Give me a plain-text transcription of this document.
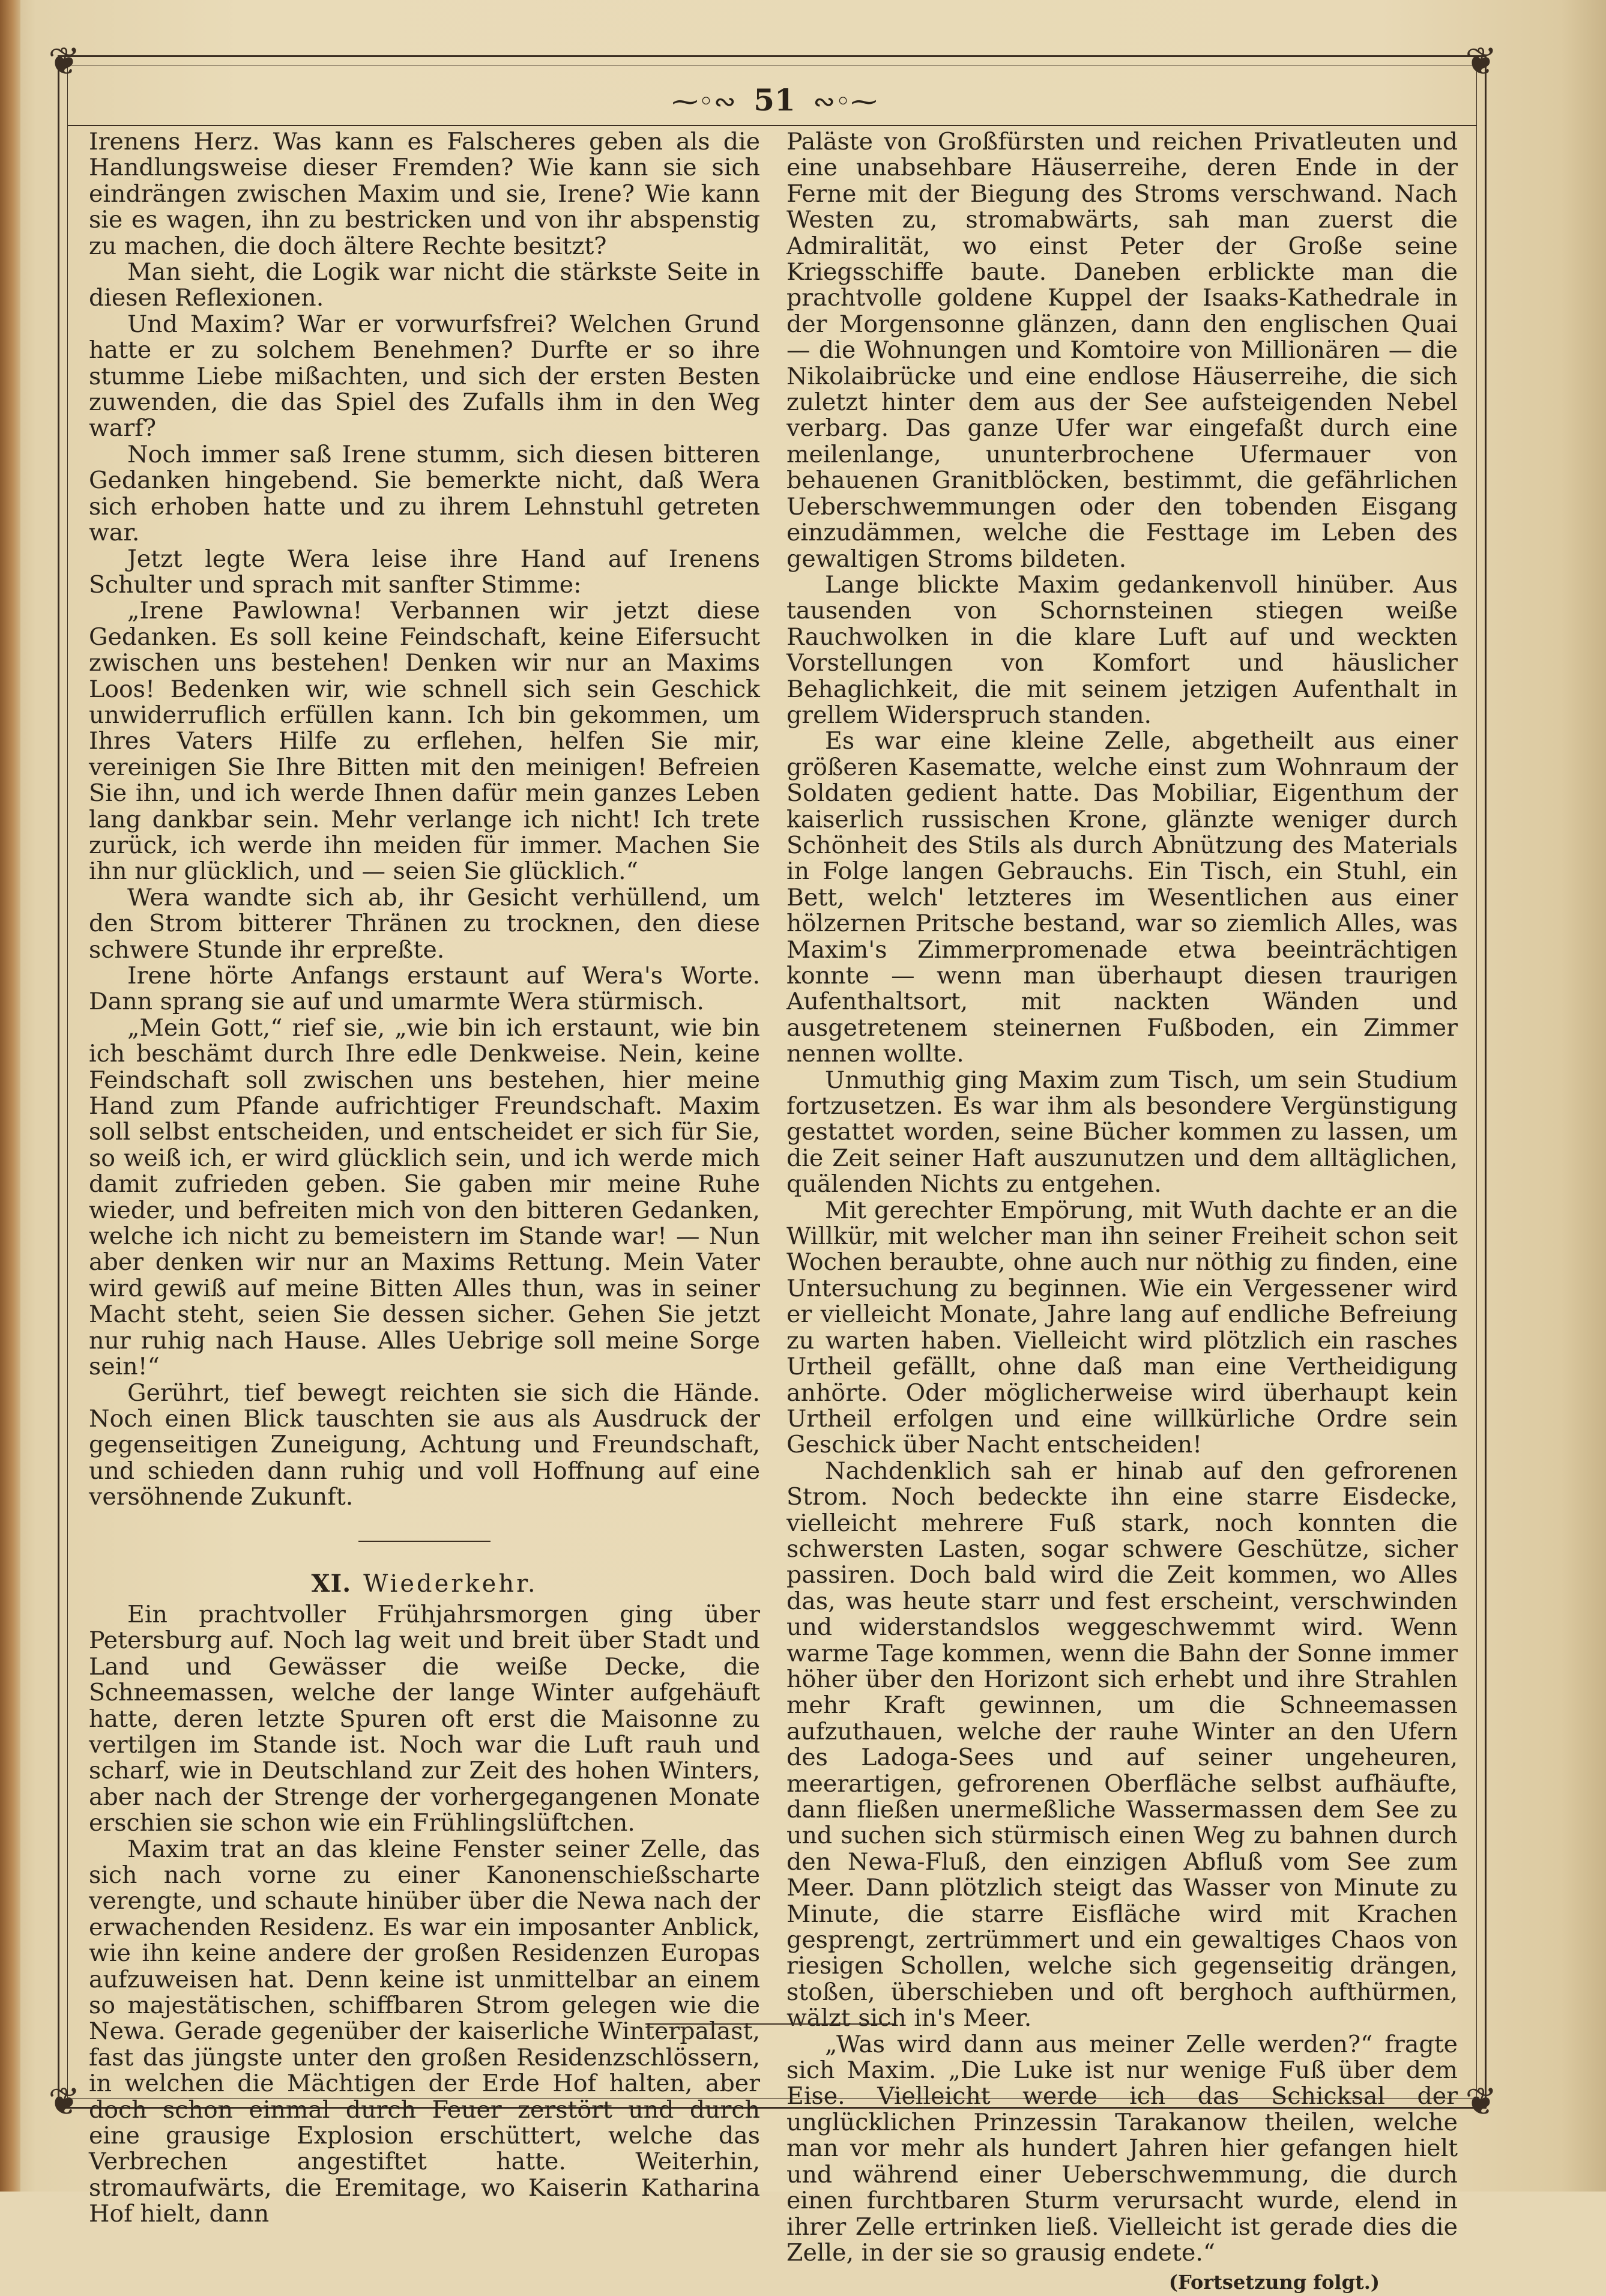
❦	❦
❦	❦
⁓◦∾ 51 ∾◦⁓

Irenens Herz. Was kann es Falscheres geben als die Handlungsweise dieser Fremden? Wie kann sie sich eindrängen zwischen Maxim und sie, Irene? Wie kann sie es wagen, ihn zu bestricken und von ihr abspenstig zu machen, die doch ältere Rechte besitzt?

Man sieht, die Logik war nicht die stärkste Seite in diesen Reflexionen.

Und Maxim? War er vorwurfsfrei? Welchen Grund hatte er zu solchem Benehmen? Durfte er so ihre stumme Liebe mißachten, und sich der ersten Besten zuwenden, die das Spiel des Zufalls ihm in den Weg warf?

Noch immer saß Irene stumm, sich diesen bitteren Gedanken hingebend. Sie bemerkte nicht, daß Wera sich erhoben hatte und zu ihrem Lehnstuhl getreten war.

Jetzt legte Wera leise ihre Hand auf Irenens Schulter und sprach mit sanfter Stimme:

„Irene Pawlowna! Verbannen wir jetzt diese Gedanken. Es soll keine Feindschaft, keine Eifersucht zwischen uns bestehen! Denken wir nur an Maxims Loos! Bedenken wir, wie schnell sich sein Geschick unwiderruflich erfüllen kann. Ich bin gekommen, um Ihres Vaters Hilfe zu erflehen, helfen Sie mir, vereinigen Sie Ihre Bitten mit den meinigen! Befreien Sie ihn, und ich werde Ihnen dafür mein ganzes Leben lang dankbar sein. Mehr verlange ich nicht! Ich trete zurück, ich werde ihn meiden für immer. Machen Sie ihn nur glücklich, und — seien Sie glücklich.“

Wera wandte sich ab, ihr Gesicht verhüllend, um den Strom bitterer Thränen zu trocknen, den diese schwere Stunde ihr erpreßte.

Irene hörte Anfangs erstaunt auf Wera's Worte. Dann sprang sie auf und umarmte Wera stürmisch.

„Mein Gott,“ rief sie, „wie bin ich erstaunt, wie bin ich beschämt durch Ihre edle Denkweise. Nein, keine Feindschaft soll zwischen uns bestehen, hier meine Hand zum Pfande aufrichtiger Freundschaft. Maxim soll selbst entscheiden, und entscheidet er sich für Sie, so weiß ich, er wird glücklich sein, und ich werde mich damit zufrieden geben. Sie gaben mir meine Ruhe wieder, und befreiten mich von den bitteren Gedanken, welche ich nicht zu bemeistern im Stande war! — Nun aber denken wir nur an Maxims Rettung. Mein Vater wird gewiß auf meine Bitten Alles thun, was in seiner Macht steht, seien Sie dessen sicher. Gehen Sie jetzt nur ruhig nach Hause. Alles Uebrige soll meine Sorge sein!“

Gerührt, tief bewegt reichten sie sich die Hände. Noch einen Blick tauschten sie aus als Ausdruck der gegenseitigen Zuneigung, Achtung und Freundschaft, und schieden dann ruhig und voll Hoffnung auf eine versöhnende Zukunft.

XI. Wiederkehr.

Ein prachtvoller Frühjahrsmorgen ging über Petersburg auf. Noch lag weit und breit über Stadt und Land und Gewässer die weiße Decke, die Schneemassen, welche der lange Winter aufgehäuft hatte, deren letzte Spuren oft erst die Maisonne zu vertilgen im Stande ist. Noch war die Luft rauh und scharf, wie in Deutschland zur Zeit des hohen Winters, aber nach der Strenge der vorhergegangenen Monate erschien sie schon wie ein Frühlingslüftchen.

Maxim trat an das kleine Fenster seiner Zelle, das sich nach vorne zu einer Kanonenschießscharte verengte, und schaute hinüber über die Newa nach der erwachenden Residenz. Es war ein imposanter Anblick, wie ihn keine andere der großen Residenzen Europas aufzuweisen hat. Denn keine ist unmittelbar an einem so majestätischen, schiffbaren Strom gelegen wie die Newa. Gerade gegenüber der kaiserliche Winterpalast, fast das jüngste unter den großen Residenzschlössern, in welchen die Mächtigen der Erde Hof halten, aber doch schon einmal durch Feuer zerstört und durch eine grausige Explosion erschüttert, welche das Verbrechen angestiftet hatte. Weiterhin, stromaufwärts, die Eremitage, wo Kaiserin Katharina Hof hielt, dann

Paläste von Großfürsten und reichen Privatleuten und eine unabsehbare Häuserreihe, deren Ende in der Ferne mit der Biegung des Stroms verschwand. Nach Westen zu, stromabwärts, sah man zuerst die Admiralität, wo einst Peter der Große seine Kriegsschiffe baute. Daneben erblickte man die prachtvolle goldene Kuppel der Isaaks-Kathedrale in der Morgensonne glänzen, dann den englischen Quai — die Wohnungen und Komtoire von Millionären — die Nikolaibrücke und eine endlose Häuserreihe, die sich zuletzt hinter dem aus der See aufsteigenden Nebel verbarg. Das ganze Ufer war eingefaßt durch eine meilenlange, ununterbrochene Ufermauer von behauenen Granitblöcken, bestimmt, die gefährlichen Ueberschwemmungen oder den tobenden Eisgang einzudämmen, welche die Festtage im Leben des gewaltigen Stroms bildeten.

Lange blickte Maxim gedankenvoll hinüber. Aus tausenden von Schornsteinen stiegen weiße Rauchwolken in die klare Luft auf und weckten Vorstellungen von Komfort und häuslicher Behaglichkeit, die mit seinem jetzigen Aufenthalt in grellem Widerspruch standen.

Es war eine kleine Zelle, abgetheilt aus einer größeren Kasematte, welche einst zum Wohnraum der Soldaten gedient hatte. Das Mobiliar, Eigenthum der kaiserlich russischen Krone, glänzte weniger durch Schönheit des Stils als durch Abnützung des Materials in Folge langen Gebrauchs. Ein Tisch, ein Stuhl, ein Bett, welch' letzteres im Wesentlichen aus einer hölzernen Pritsche bestand, war so ziemlich Alles, was Maxim's Zimmerpromenade etwa beeinträchtigen konnte — wenn man überhaupt diesen traurigen Aufenthaltsort, mit nackten Wänden und ausgetretenem steinernen Fußboden, ein Zimmer nennen wollte.

Unmuthig ging Maxim zum Tisch, um sein Studium fortzusetzen. Es war ihm als besondere Vergünstigung gestattet worden, seine Bücher kommen zu lassen, um die Zeit seiner Haft auszunutzen und dem alltäglichen, quälenden Nichts zu entgehen.

Mit gerechter Empörung, mit Wuth dachte er an die Willkür, mit welcher man ihn seiner Freiheit schon seit Wochen beraubte, ohne auch nur nöthig zu finden, eine Untersuchung zu beginnen. Wie ein Vergessener wird er vielleicht Monate, Jahre lang auf endliche Befreiung zu warten haben. Vielleicht wird plötzlich ein rasches Urtheil gefällt, ohne daß man eine Vertheidigung anhörte. Oder möglicherweise wird überhaupt kein Urtheil erfolgen und eine willkürliche Ordre sein Geschick über Nacht entscheiden!

Nachdenklich sah er hinab auf den gefrorenen Strom. Noch bedeckte ihn eine starre Eisdecke, vielleicht mehrere Fuß stark, noch konnten die schwersten Lasten, sogar schwere Geschütze, sicher passiren. Doch bald wird die Zeit kommen, wo Alles das, was heute starr und fest erscheint, verschwinden und widerstandslos weggeschwemmt wird. Wenn warme Tage kommen, wenn die Bahn der Sonne immer höher über den Horizont sich erhebt und ihre Strahlen mehr Kraft gewinnen, um die Schneemassen aufzuthauen, welche der rauhe Winter an den Ufern des Ladoga-Sees und auf seiner ungeheuren, meerartigen, gefrorenen Oberfläche selbst aufhäufte, dann fließen unermeßliche Wassermassen dem See zu und suchen sich stürmisch einen Weg zu bahnen durch den Newa-Fluß, den einzigen Abfluß vom See zum Meer. Dann plötzlich steigt das Wasser von Minute zu Minute, die starre Eisfläche wird mit Krachen gesprengt, zertrümmert und ein gewaltiges Chaos von riesigen Schollen, welche sich gegenseitig drängen, stoßen, überschieben und oft berghoch aufthürmen, wälzt sich in's Meer.

„Was wird dann aus meiner Zelle werden?“ fragte sich Maxim. „Die Luke ist nur wenige Fuß über dem Eise. Vielleicht werde ich das Schicksal der unglücklichen Prinzessin Tarakanow theilen, welche man vor mehr als hundert Jahren hier gefangen hielt und während einer Ueberschwemmung, die durch einen furchtbaren Sturm verursacht wurde, elend in ihrer Zelle ertrinken ließ. Vielleicht ist gerade dies die Zelle, in der sie so grausig endete.“

(Fortsetzung folgt.)
